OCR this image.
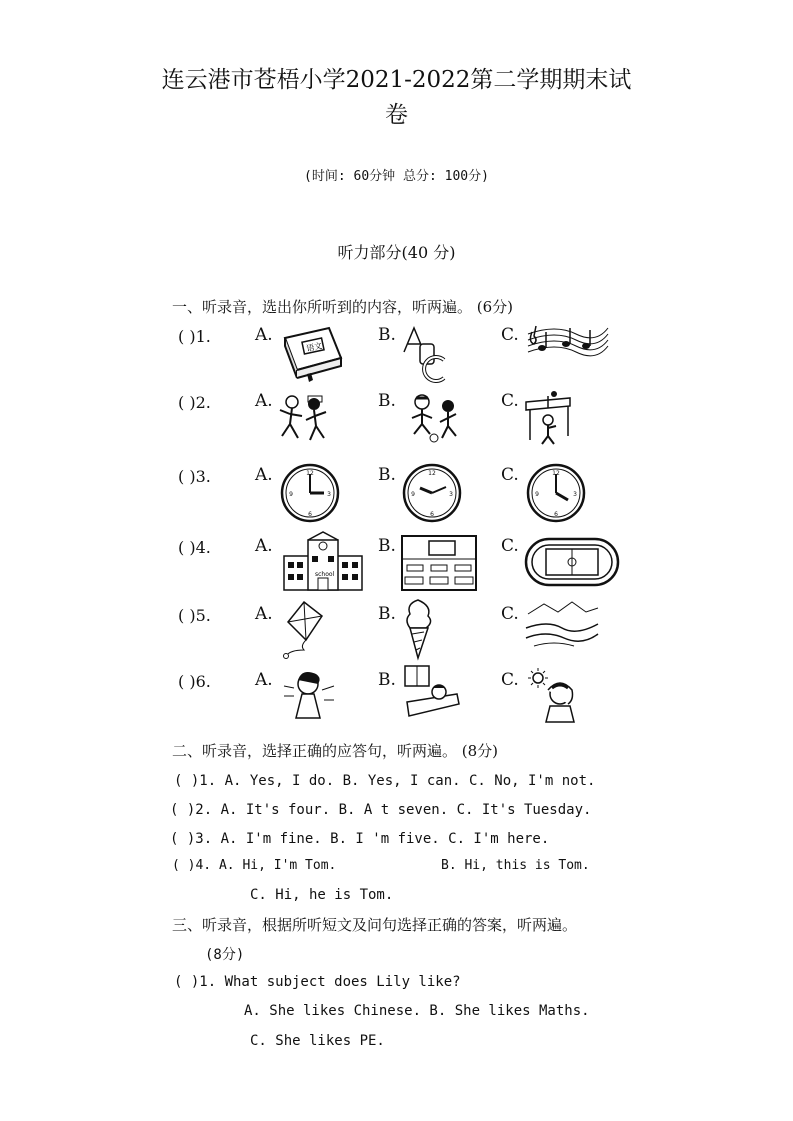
连云港市苍梧小学2021-2022第二学期期末试
卷
(时间: 60分钟 总分: 100分)
听力部分(40 分)
一、听录音，选出你所听到的内容，听两遍。 (6分)
( )1.	A.	B.	C.
语文
( )2.	A.	B.	C.
( )3.	A.	B.	C.
12
3
6
9
12
3
6
9
12
3
6
9
( )4.	A.	B.	C.
school
( )5.	A.	B.	C.
( )6.	A.	B.	C.
二、听录音，选择正确的应答句，听两遍。 (8分)
( )1. A. Yes, I do. B. Yes, I can. C. No, I'm not.
( )2. A. It's four. B. A t seven. C. It's Tuesday.
( )3. A. I'm fine. B. I 'm five. C. I'm here.
( )4. A. Hi, I'm Tom.	B. Hi, this is Tom.
C. Hi, he is Tom.
三、听录音，根据所听短文及问句选择正确的答案，听两遍。
(8分)
( )1. What subject does Lily like?
A. She likes Chinese. B. She likes Maths.
C. She likes PE.
